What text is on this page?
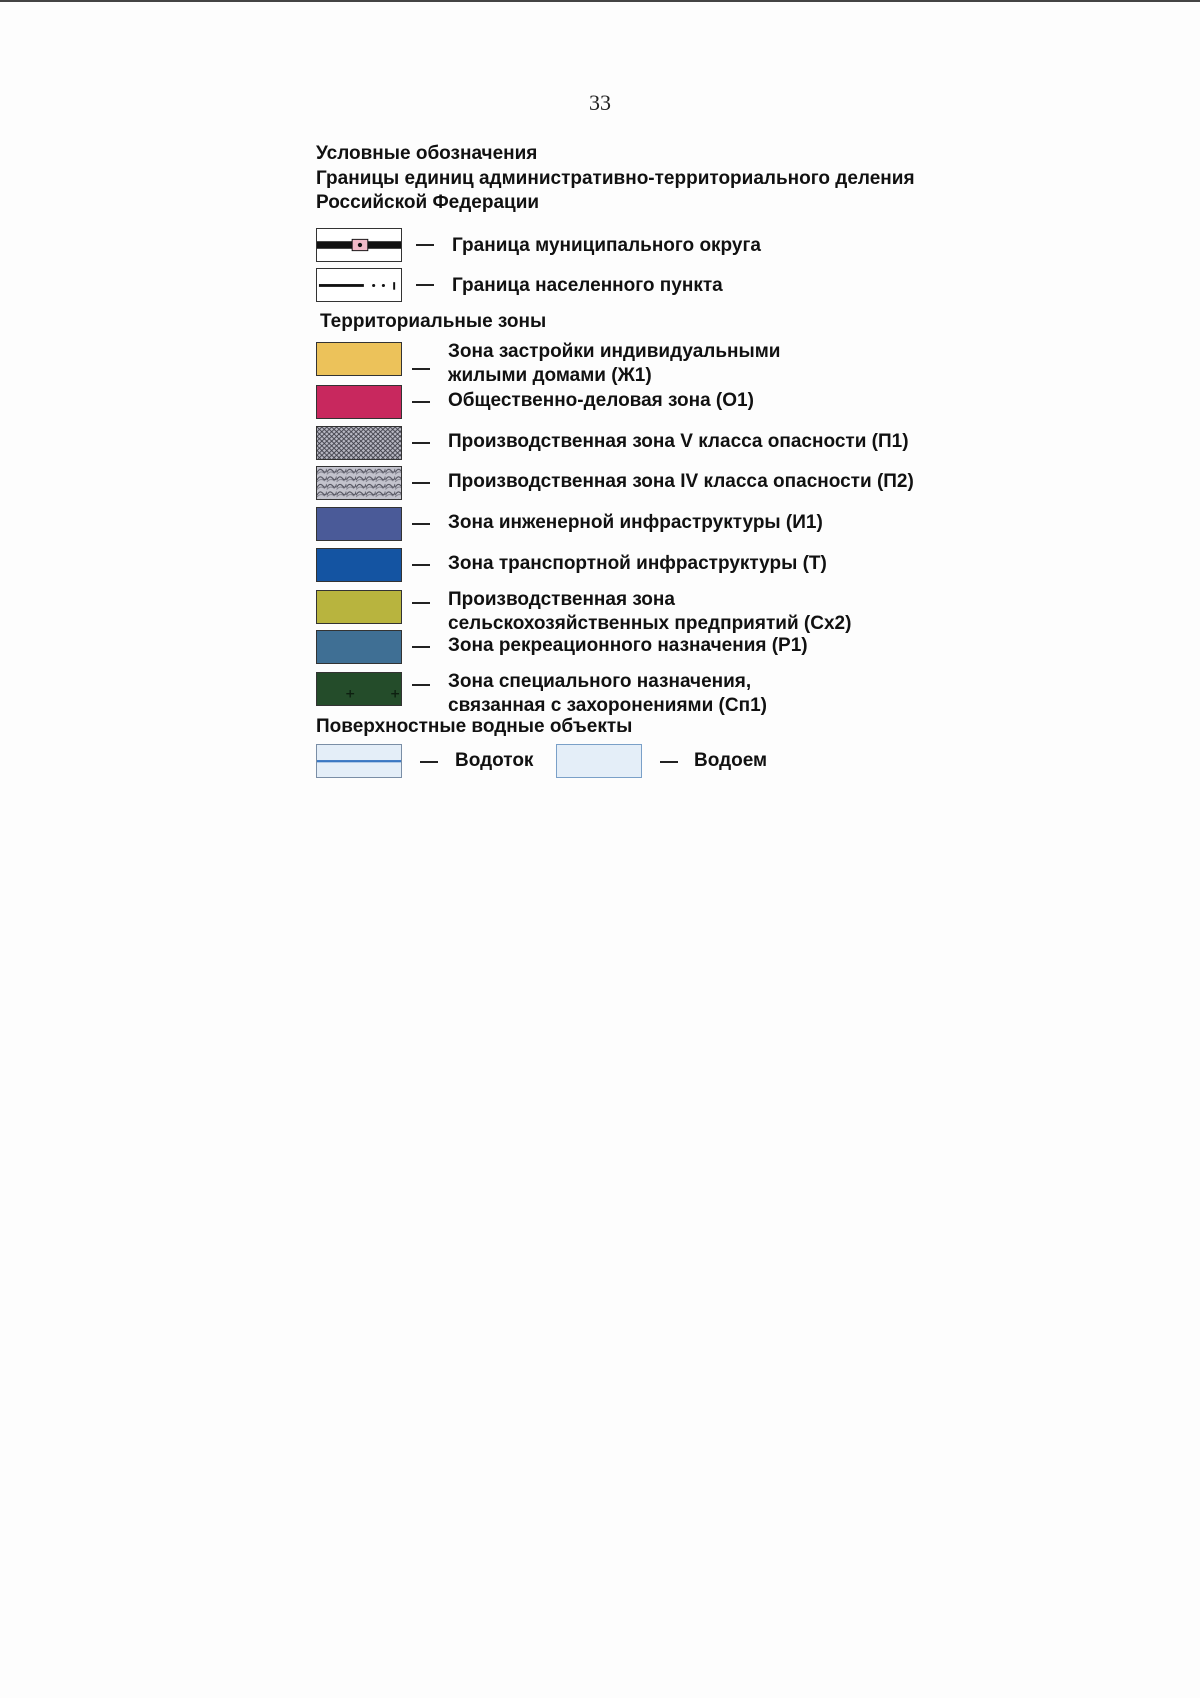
33
Условные обозначения
Границы единиц административно-территориального деления
Российской Федерации
Граница муниципального округа
Граница населенного пункта
Территориальные зоны
Зона застройки индивидуальными
жилыми домами (Ж1)
Общественно-деловая зона (О1)
Производственная зона V класса опасности (П1)
Производственная зона IV класса опасности (П2)
Зона инженерной инфраструктуры (И1)
Зона транспортной инфраструктуры (Т)
Производственная зона
сельскохозяйственных предприятий (Сх2)
Зона рекреационного назначения (Р1)
Зона специального назначения,
связанная с захоронениями (Сп1)
Поверхностные водные объекты
Водоток	Водоем
